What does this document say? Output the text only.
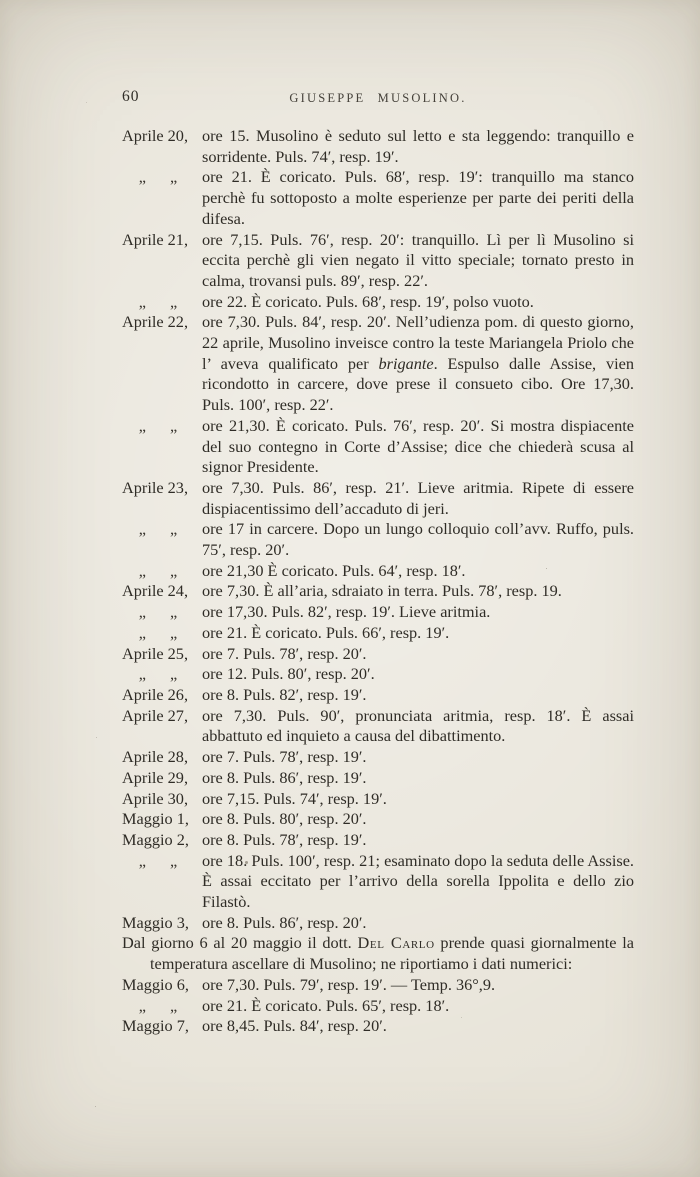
60	GIUSEPPE MUSOLINO.

Aprile 20, ore 15. Musolino è seduto sul letto e sta leggendo: tranquillo e sorridente. Puls. 74′, resp. 19′.

„ „ ore 21. È coricato. Puls. 68′, resp. 19′: tranquillo ma stanco perchè fu sottoposto a molte esperienze per parte dei periti della difesa.

Aprile 21, ore 7,15. Puls. 76′, resp. 20′: tranquillo. Lì per lì Musolino si eccita perchè gli vien negato il vitto speciale; tornato presto in calma, trovansi puls. 89′, resp. 22′.

„ „ ore 22. È coricato. Puls. 68′, resp. 19′, polso vuoto.

Aprile 22, ore 7,30. Puls. 84′, resp. 20′. Nell’udienza pom. di questo giorno, 22 aprile, Musolino inveisce contro la teste Mariangela Priolo che l’ aveva qualificato per brigante. Espulso dalle Assise, vien ricondotto in carcere, dove prese il consueto cibo. Ore 17,30. Puls. 100′, resp. 22′.

„ „ ore 21,30. È coricato. Puls. 76′, resp. 20′. Si mostra dispiacente del suo contegno in Corte d’Assise; dice che chiederà scusa al signor Presidente.

Aprile 23, ore 7,30. Puls. 86′, resp. 21′. Lieve aritmia. Ripete di essere dispiacentissimo dell’accaduto di jeri.

„ „ ore 17 in carcere. Dopo un lungo colloquio coll’avv. Ruffo, puls. 75′, resp. 20′.

„ „ ore 21,30 È coricato. Puls. 64′, resp. 18′.

Aprile 24, ore 7,30. È all’aria, sdraiato in terra. Puls. 78′, resp. 19.

„ „ ore 17,30. Puls. 82′, resp. 19′. Lieve aritmia.

„ „ ore 21. È coricato. Puls. 66′, resp. 19′.

Aprile 25, ore 7. Puls. 78′, resp. 20′.

„ „ ore 12. Puls. 80′, resp. 20′.

Aprile 26, ore 8. Puls. 82′, resp. 19′.

Aprile 27, ore 7,30. Puls. 90′, pronunciata aritmia, resp. 18′. È assai abbattuto ed inquieto a causa del dibattimento.

Aprile 28, ore 7. Puls. 78′, resp. 19′.

Aprile 29, ore 8. Puls. 86′, resp. 19′.

Aprile 30, ore 7,15. Puls. 74′, resp. 19′.

Maggio 1, ore 8. Puls. 80′, resp. 20′.

Maggio 2, ore 8. Puls. 78′, resp. 19′.

„ „ ore 18. Puls. 100′, resp. 21; esaminato dopo la seduta delle Assise. È assai eccitato per l’arrivo della sorella Ippolita e dello zio Filastò.

Maggio 3, ore 8. Puls. 86′, resp. 20′.

Dal giorno 6 al 20 maggio il dott. Del Carlo prende quasi giornalmente la temperatura ascellare di Musolino; ne riportiamo i dati numerici:

Maggio 6, ore 7,30. Puls. 79′, resp. 19′. — Temp. 36°,9.

„ „ ore 21. È coricato. Puls. 65′, resp. 18′.

Maggio 7, ore 8,45. Puls. 84′, resp. 20′.
